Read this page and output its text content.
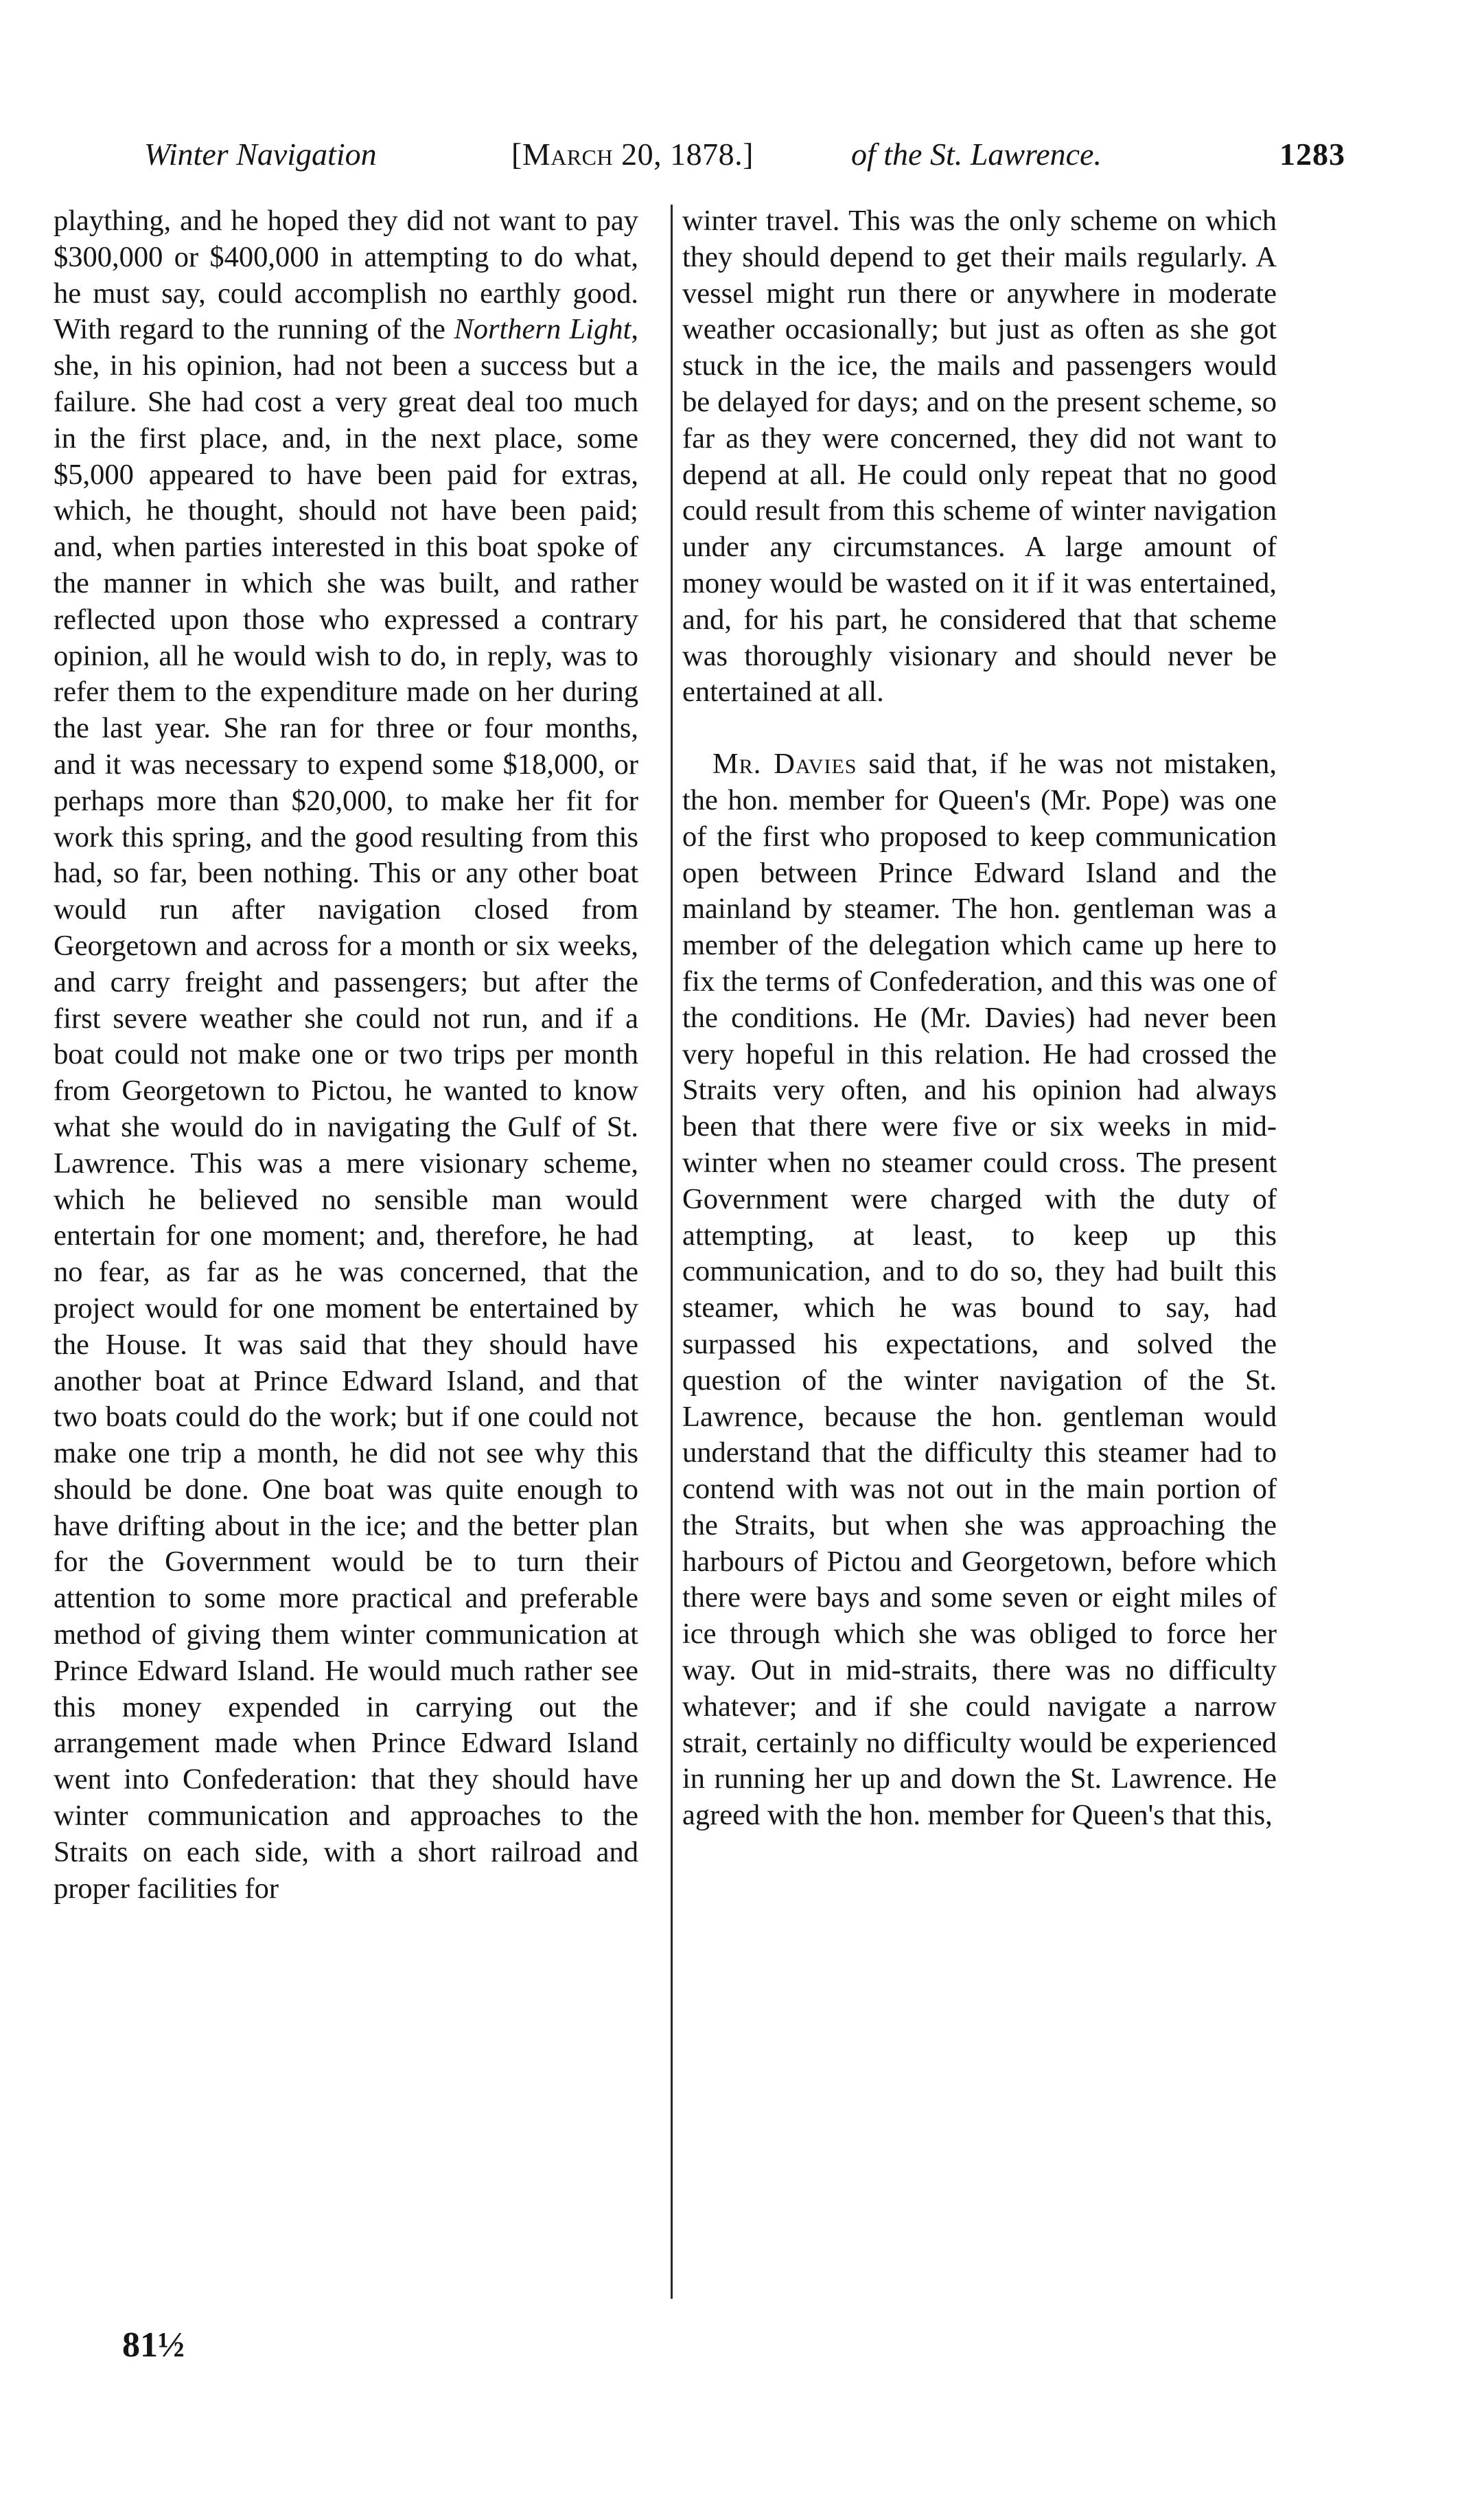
Winter Navigation	[March 20, 1878.]	of the St. Lawrence.	1283

plaything, and he hoped they did not want to pay $300,000 or $400,000 in attempting to do what, he must say, could accomplish no earthly good. With regard to the running of the Northern Light, she, in his opinion, had not been a success but a failure. She had cost a very great deal too much in the first place, and, in the next place, some $5,000 appeared to have been paid for extras, which, he thought, should not have been paid; and, when parties interested in this boat spoke of the manner in which she was built, and rather reflected upon those who expressed a contrary opinion, all he would wish to do, in reply, was to refer them to the expenditure made on her during the last year. She ran for three or four months, and it was necessary to expend some $18,000, or perhaps more than $20,000, to make her fit for work this spring, and the good resulting from this had, so far, been nothing. This or any other boat would run after navigation closed from Georgetown and across for a month or six weeks, and carry freight and passengers; but after the first severe weather she could not run, and if a boat could not make one or two trips per month from Georgetown to Pictou, he wanted to know what she would do in navigating the Gulf of St. Lawrence. This was a mere visionary scheme, which he believed no sensible man would entertain for one moment; and, therefore, he had no fear, as far as he was concerned, that the project would for one moment be entertained by the House. It was said that they should have another boat at Prince Edward Island, and that two boats could do the work; but if one could not make one trip a month, he did not see why this should be done. One boat was quite enough to have drifting about in the ice; and the better plan for the Government would be to turn their attention to some more practical and preferable method of giving them winter communication at Prince Edward Island. He would much rather see this money expended in carrying out the arrangement made when Prince Edward Island went into Confederation: that they should have winter communication and approaches to the Straits on each side, with a short railroad and proper facilities for

winter travel. This was the only scheme on which they should depend to get their mails regularly. A vessel might run there or anywhere in moderate weather occasionally; but just as often as she got stuck in the ice, the mails and passengers would be delayed for days; and on the present scheme, so far as they were concerned, they did not want to depend at all. He could only repeat that no good could result from this scheme of winter navigation under any circumstances. A large amount of money would be wasted on it if it was entertained, and, for his part, he considered that that scheme was thoroughly visionary and should never be entertained at all.

Mr. Davies said that, if he was not mistaken, the hon. member for Queen's (Mr. Pope) was one of the first who proposed to keep communication open between Prince Edward Island and the mainland by steamer. The hon. gentleman was a member of the delegation which came up here to fix the terms of Confederation, and this was one of the conditions. He (Mr. Davies) had never been very hopeful in this relation. He had crossed the Straits very often, and his opinion had always been that there were five or six weeks in mid-winter when no steamer could cross. The present Government were charged with the duty of attempting, at least, to keep up this communication, and to do so, they had built this steamer, which he was bound to say, had surpassed his expectations, and solved the question of the winter navigation of the St. Lawrence, because the hon. gentleman would understand that the difficulty this steamer had to contend with was not out in the main portion of the Straits, but when she was approaching the harbours of Pictou and Georgetown, before which there were bays and some seven or eight miles of ice through which she was obliged to force her way. Out in mid-straits, there was no difficulty whatever; and if she could navigate a narrow strait, certainly no difficulty would be experienced in running her up and down the St. Lawrence. He agreed with the hon. member for Queen's that this,

81½
